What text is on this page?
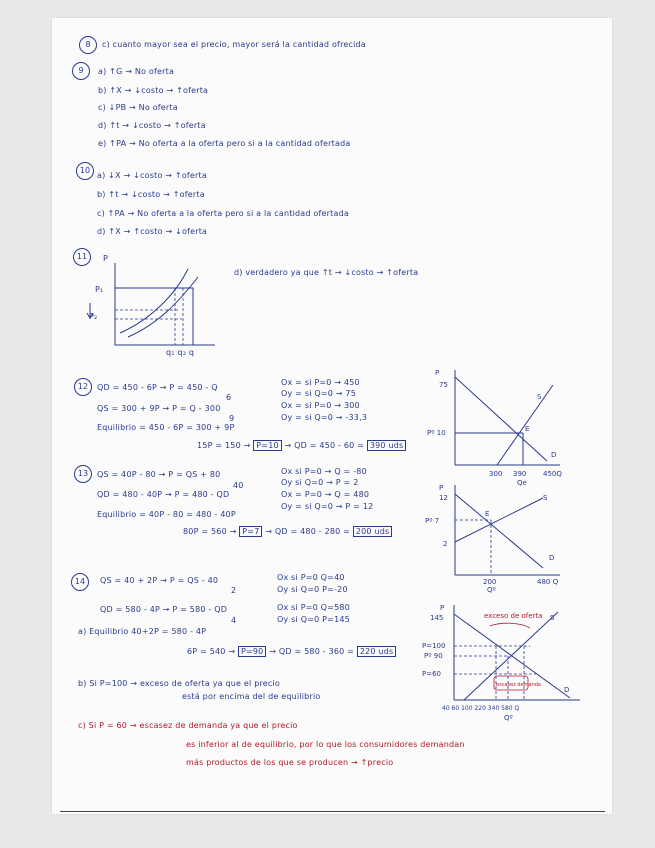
8	c) cuanto mayor sea el precio, mayor será la cantidad ofrecida
9	a) ↑G → No oferta
b) ↑X → ↓costo → ↑oferta
c) ↓PB → No oferta
d) ↑t → ↓costo → ↑oferta
e) ↑PA → No oferta a la oferta pero si a la cantidad ofertada
10
a) ↓X → ↓costo → ↑oferta
b) ↑t → ↓costo → ↑oferta
c) ↑PA → No oferta a la oferta pero si a la cantidad ofertada
d) ↑X → ↑costo → ↓oferta
11	P
P₁
P₂
q₁ q₂ q
d) verdadero ya que ↑t → ↓costo → ↑oferta
12	QD = 450 - 6P → P = 450 - Q
6
QS = 300 + 9P → P = Q - 300
9
Equilibrio = 450 - 6P = 300 + 9P
Ox = si P=0 → 450
Oy = si Q=0 → 75
Ox = si P=0 → 300
Oy = si Q=0 → -33,3
15P = 150 → P=10 → QD = 450 - 60 = 390 uds
P
75
Pº 10
S
E
D
300 390 450Q
Qe
13	QS = 40P - 80 → P = QS + 80
40
QD = 480 - 40P → P = 480 - QD
Equilibrio = 40P - 80 = 480 - 40P
Ox si P=0 → Q = -80
Oy si Q=0 → P = 2
Ox = P=0 → Q = 480
Oy = si Q=0 → P = 12
80P = 560 → P=7 → QD = 480 - 280 = 200 uds
P
12
Pº 7
2
S
E
D
200
Qº
480 Q
14	QS = 40 + 2P → P = QS - 40
2
QD = 580 - 4P → P = 580 - QD
4
a) Equilibrio 40+2P = 580 - 4P
Ox si P=0 Q=40
Oy si Q=0 P=-20
Ox si P=0 Q=580
Oy si Q=0 P=145
6P = 540 → P=90 → QD = 580 - 360 = 220 uds
b) Si P=100 → exceso de oferta ya que el precio
está por encima del de equilibrio
c) Si P = 60 → escasez de demanda ya que el precio
es inferior al de equilibrio, por lo que los consumidores demandan
más productos de los que se producen → ↑precio
P
145
P=100
Pº 90
P=60
S
D
exceso de oferta
escasez demanda
40 60 100 220 340 580 Q
Qº
